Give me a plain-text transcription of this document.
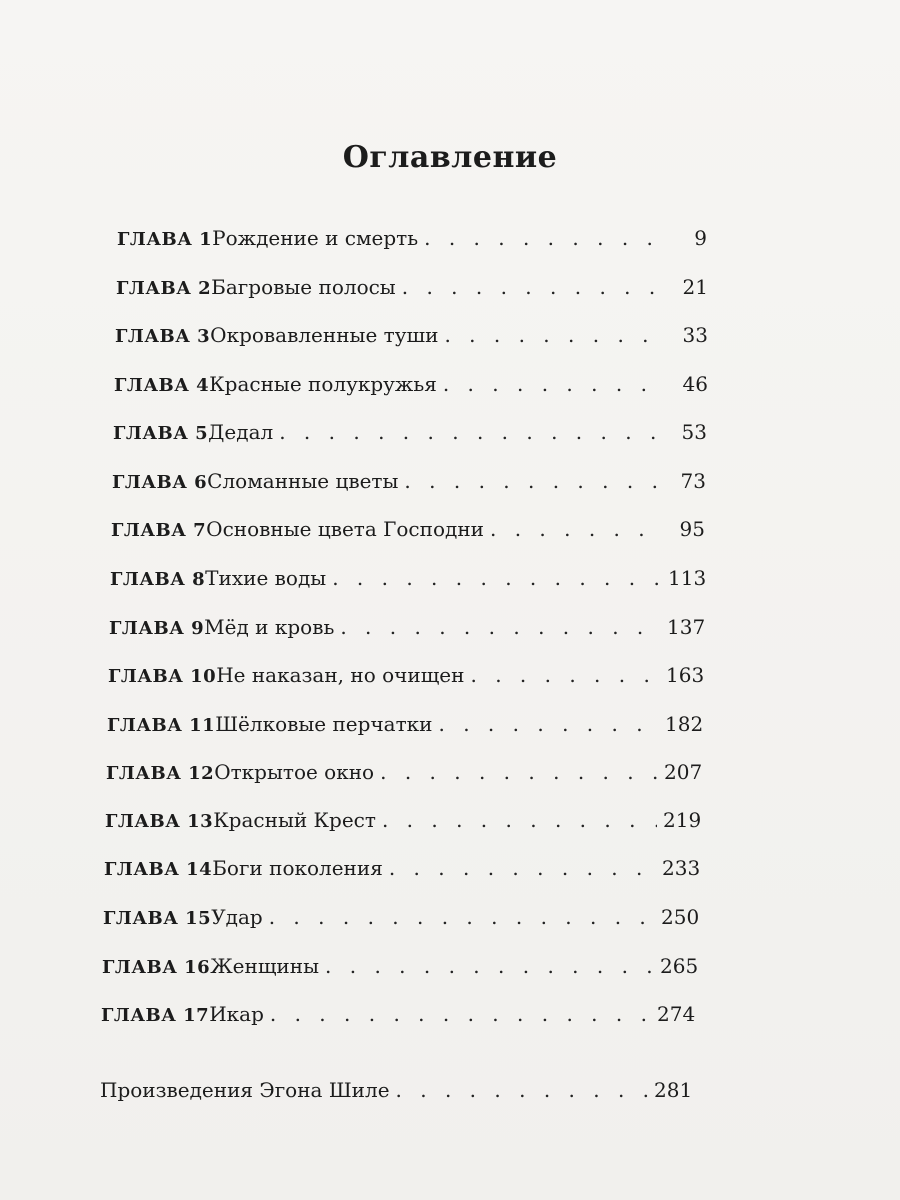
Оглавление
ГЛАВА 1 Рождение и смерть . . .	9
ГЛАВА 2 Багровые полосы . . .	21
ГЛАВА 3 Окровавленные туши . . .	33
ГЛАВА 4 Красные полукружья . . .	46
ГЛАВА 5 Дедал . . .	53
ГЛАВА 6 Сломанные цветы . . .	73
ГЛАВА 7 Основные цвета Господни . . .	95
ГЛАВА 8 Тихие воды . . .	113
ГЛАВА 9 Мёд и кровь . . .	137
ГЛАВА 10 Не наказан, но очищен . . .	163
ГЛАВА 11 Шёлковые перчатки . . .	182
ГЛАВА 12 Открытое окно . . .	207
ГЛАВА 13 Красный Крест . . .	219
ГЛАВА 14 Боги поколения . . .	233
ГЛАВА 15 Удар . . .	250
ГЛАВА 16 Женщины . . .	265
ГЛАВА 17 Икар . . .	274
Произведения Эгона Шиле . . .	281
